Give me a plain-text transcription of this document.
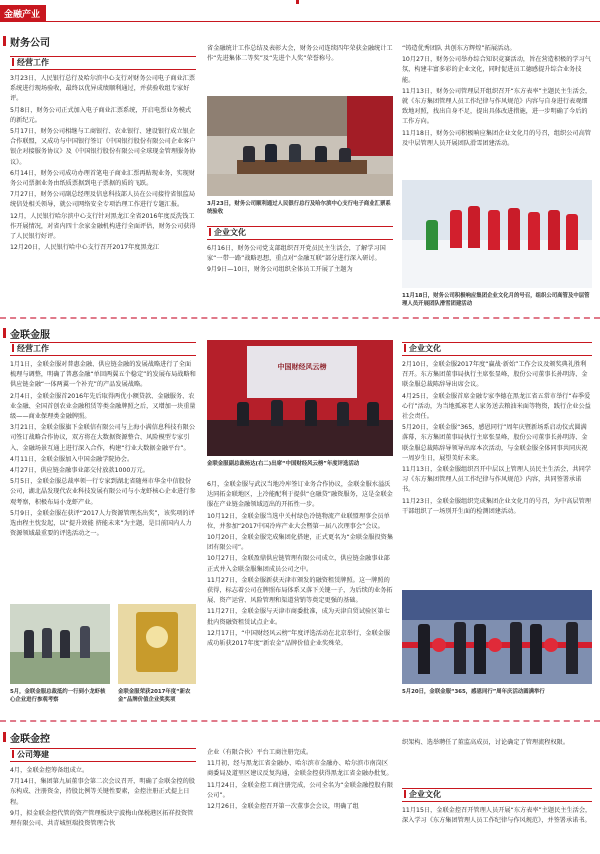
金融产业
财务公司
经营工作

3月23日，人民银行总行及哈尔滨中心支行对财务公司电子商业汇票系统进行现场验收，最终以优异成绩顺利通过，并获验收组专家好评。

5月8日，财务公司正式加入电子商业汇票系统，开启电票业务模式的新纪元。

5月17日，财务公司相继与工商银行、农业银行、建设银行成立银企合作联盟，又成功与中国银行签订《中国银行股份有限公司企业客户银企对接服务协议》及《中国银行股份有限公司全球现金管理服务协议》。

6月14日，财务公司成功办理首笔电子商业汇票再贴现业务，实现财务公司票据业务由纸质票据到电子票据的质的飞跃。

7月27日，财务公司副总经理及信息科技部人员在公司接待省银监局统信处相关领导，就公司网络安全专项治理工作进行专题汇报。

12月，人民银行哈尔滨中心支行针对黑龙江全省2016年度反洗钱工作开展情况，对省内四十余家金融机构进行全面评估，财务公司获得了人民银行好评。

12月20日，人民银行哈中心支行召开2017年度黑龙江

省金融统计工作总结及表彰大会，财务公司连续四年荣获金融统计工作“先进集体二等奖”及“先进个人奖”荣誉称号。

3月23日，财务公司顺利通过人民银行总行及哈尔滨中心支行电子商业汇票系统验收
企业文化

6月16日，财务公司党支部组织召开党员民主生活会，了解学习国家“一带一路”战略思想，重点对“金融互联”部分进行深入研讨。

9月9日—10日，财务公司组织全体员工开展了主题为

“铸造优秀团队 共创东方辉煌”拓展活动。

10月27日，财务公司举办综合知识竞赛活动，旨在营造积极的学习气氛，构建丰富多彩的企业文化，同时促进员工德感提升综合业务技能。

11月13日，财务公司管理层开组织召开“东方表率”主题民主生活会，就《东方集团管理人员工作纪律与作风规范》内容与自身进行表观细致地对照，找出自身不足，提出具体改进措施，进一步明确了今后的工作方向。

11月18日，财务公司积极响应集团企业文化月的号召，组织公司高管及中层管理人员开展团队滑雪团建活动。

11月18日，财务公司积极响应集团企业文化月的号召，组织公司高管及中层管理人员开展团队滑雪团建活动
金联金服
经营工作

1月1日，金联金服对普惠金融、供应链金融的发展战略进行了全面梳理与调整，明确了普惠金融“单回两翼五个稳定”的发展布局战略和供应链金融“一体两翼一个补充”的产品发展战略。

2月4日，金联金服首2016年先后取得两优小额贷款、金融服务、农业金融、全国首创农业金融租赁等类金融牌照之后，又增加一块重量级——商业保理类金融牌照。

3月21日，金联金服旗下金联信有限公司与上海小满信息科技有限公司签订战略合作协议，双方将在大数据资源整合、风险模型专家引入、金融场景互通上进行深入合作，构建“行业大数据金融平台”。

4月11日，金联金服加入中国金融学院协会。

4月27日，供应链金融事业部交付放款1000万元。

5月5日，金联金服总裁率领一行专家到湖北省随州市华金中信股份公司，湖北晶发现代农业科技发展有限公司与小龙虾核心企业进行参观考察，积极布局小龙虾产业。

5月9日，金联金服在获评“2017人力资源管理杰出奖”，该奖项的评选由程主忱发起，以“提升效能 挤能未来”为主题，是目前国内人力资源领域最重要的评选活动之一。

5月，金联金服总裁抵约一行到小龙虾核心企业进行参观考察
金联金服荣获2017年度“新农金”品牌价值企业奖奖项
中国财经风云榜
金联金服副总裁杨达(右二)出席“中国财经风云榜”年度评选活动

6月，金联金服与武汉当地冷库签订业务合作协议，金联金服水溢沃达同拓金联地区，上冷能配利于提供“仓融贷”融资服务，这是金联金服在产业链金融领域迈出的开拓性一步。

10月12日，金联金服当选中关村绿色冷链物流产业联盟理事会员单位，并参加“2017中国冷库产业大会暨第一届八次理事会”会议。

10月20日，金联金服完成集团化搭建，正式更名为“金联金服投资集团有限公司”。

10月27日，金联盈鼎供应链管理有限公司成立，供应链金融事业部正式并入金联金服集团成员公司之中。

11月27日，金联金服新获天津市颁发的融资租赁牌照。这一牌照的获得，标志着公司在牌照布局体系又落下关键一子，为后续的业务拓展、资产运营、风险管理和渠道营销等奠定更强的基础。

11月27日，金联金服与天津市商委批准，成为天津自贸试验区第七批内资融资租赁试点企业。

12月17日，“中国财经风云榜”年度评选活动在北京举行，金联金服成功斩获2017年度“新农金”品牌价值企业奖殊荣。

企业文化

2月10日，金联金服2017年度“赢战·新始”工作会议及颁奖典礼胜利召开。东方集团董事局执行主席张显峰，股份公司董事长孙明涛、金联金服总裁陈辞导出席会议。

4月25日，金联金服首席金融专家李德在黑龙江省五常市举行“春季爱心行”活动，为当地孤寡老人家务送去粮油米面等物资，践行企业公益社会责任。

5月20日，金联金服“365，感恩同行”周年庆暨新场系启动仪式圆满落幕，东方集团董事局执行主席张显峰，股份公司董事长孙明涛、金联金服总裁陈辞导领导出席本次活动，与金联金服全体同事共同庆祝一周岁生日，展望美好未来。

11月13日，金联金服组织召开中层以上管理人员民主生活会，共同学习《东方集团管理人员工作纪律与作风规范》内容，共同签署承诺书。

11月23日，金联金服组织完成集团企业文化月的号召，为中高层管理干部组织了一场别开生面的检测团建活动。

5月20日，金联金服“365，感恩同行”周年庆活动圆满举行
金联金控
公司筹建

4月，金联金控筹备组成立。

7月14日，集团第九届董事会第二次会议召开，明确了金联金控的股东构成、注册资金，持股比例等关键性要素，金控注册正式提上日程。

9月，拟金联金控代管的资产管理板块宁波梅山保税港区拓祥投资管理有限公司、共青城恒瑞投资管理合伙

企业（有限合伙）平台工商注册完成。

11月初，经与黑龙江省金融办、哈尔滨市金融办、哈尔滨市南岗区商委局及道里区建议反复沟通，金联金控获得黑龙江省金融办批复。

11月24日，金联金控工商注册完成，公司全名为“金联金融控股有限公司”。

12月26日，金联金控召开第一次董事会会议，明确了组

织架构、选举聘任了董监高成员，讨论确定了管理流程权限。

企业文化

11月15日，金联金控召开管理人员开展“东方表率”主题民主生活会，深入学习《东方集团管理人员工作纪律与作风规范》，并签署承诺书。
